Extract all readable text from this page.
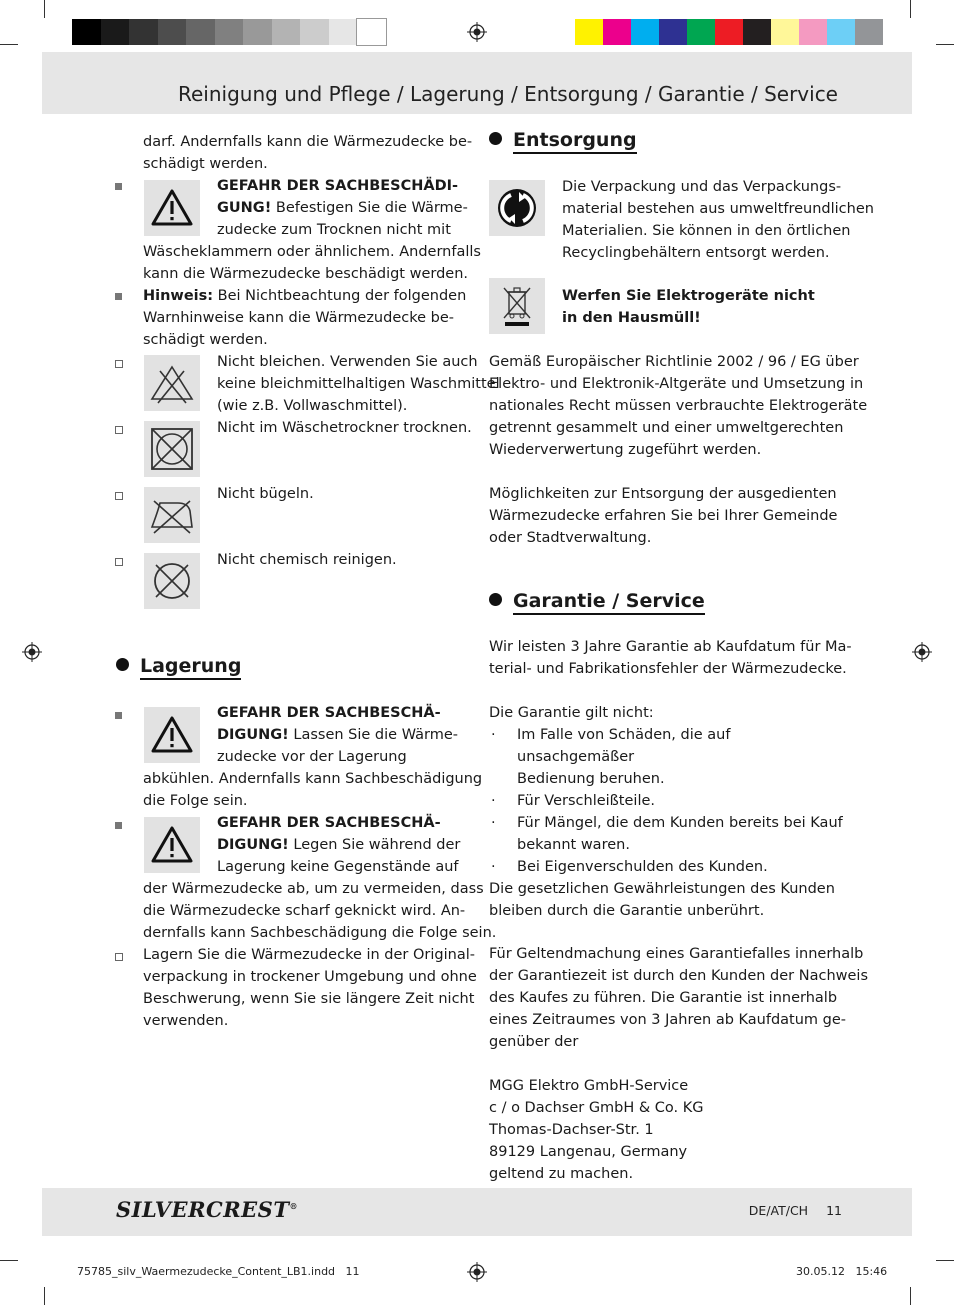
Reinigung und Pflege / Lagerung / Entsorgung / Garantie / Service
darf. Andernfalls kann die Wärmezudecke be-
schädigt werden.
GEFAHR DER SACHBESCHÄDI-
GUNG! Befestigen Sie die Wärme-
zudecke zum Trocknen nicht mit
Wäscheklammern oder ähnlichem. Andernfalls
kann die Wärmezudecke beschädigt werden.
Hinweis: Bei Nichtbeachtung der folgenden
Warnhinweise kann die Wärmezudecke be-
schädigt werden.
Nicht bleichen. Verwenden Sie auch
keine bleichmittelhaltigen Waschmittel
(wie z.B. Vollwaschmittel).
Nicht im Wäschetrockner trocknen.
Nicht bügeln.
Nicht chemisch reinigen.
Lagerung
GEFAHR DER SACHBESCHÄ-
DIGUNG! Lassen Sie die Wärme-
zudecke vor der Lagerung
abkühlen. Andernfalls kann Sachbeschädigung
die Folge sein.
GEFAHR DER SACHBESCHÄ-
DIGUNG! Legen Sie während der
Lagerung keine Gegenstände auf
der Wärmezudecke ab, um zu vermeiden, dass
die Wärmezudecke scharf geknickt wird. An-
dernfalls kann Sachbeschädigung die Folge sein.
Lagern Sie die Wärmezudecke in der Original-
verpackung in trockener Umgebung und ohne
Beschwerung, wenn Sie sie längere Zeit nicht
verwenden.
Entsorgung
Die Verpackung und das Verpackungs-
material bestehen aus umweltfreundlichen
Materialien. Sie können in den örtlichen
Recyclingbehältern entsorgt werden.
Werfen Sie Elektrogeräte nicht
in den Hausmüll!
Gemäß Europäischer Richtlinie 2002 / 96 / EG über
Elektro- und Elektronik-Altgeräte und Umsetzung in
nationales Recht müssen verbrauchte Elektrogeräte
getrennt gesammelt und einer umweltgerechten
Wiederverwertung zugeführt werden.
Möglichkeiten zur Entsorgung der ausgedienten
Wärmezudecke erfahren Sie bei Ihrer Gemeinde
oder Stadtverwaltung.
Garantie / Service
Wir leisten 3 Jahre Garantie ab Kaufdatum für Ma-
terial- und Fabrikationsfehler der Wärmezudecke.
Die Garantie gilt nicht:
· Im Falle von Schäden, die auf unsachgemäßer
Bedienung beruhen.
· Für Verschleißteile.
· Für Mängel, die dem Kunden bereits bei Kauf
bekannt waren.
· Bei Eigenverschulden des Kunden.
Die gesetzlichen Gewährleistungen des Kunden
bleiben durch die Garantie unberührt.
Für Geltendmachung eines Garantiefalles innerhalb
der Garantiezeit ist durch den Kunden der Nachweis
des Kaufes zu führen. Die Garantie ist innerhalb
eines Zeitraumes von 3 Jahren ab Kaufdatum ge-
genüber der
MGG Elektro GmbH-Service
c / o Dachser GmbH & Co. KG
Thomas-Dachser-Str. 1
89129 Langenau, Germany
geltend zu machen.
SILVERCREST®	DE/AT/CH 11
75785_silv_Waermezudecke_Content_LB1.indd   11	30.05.12   15:46
